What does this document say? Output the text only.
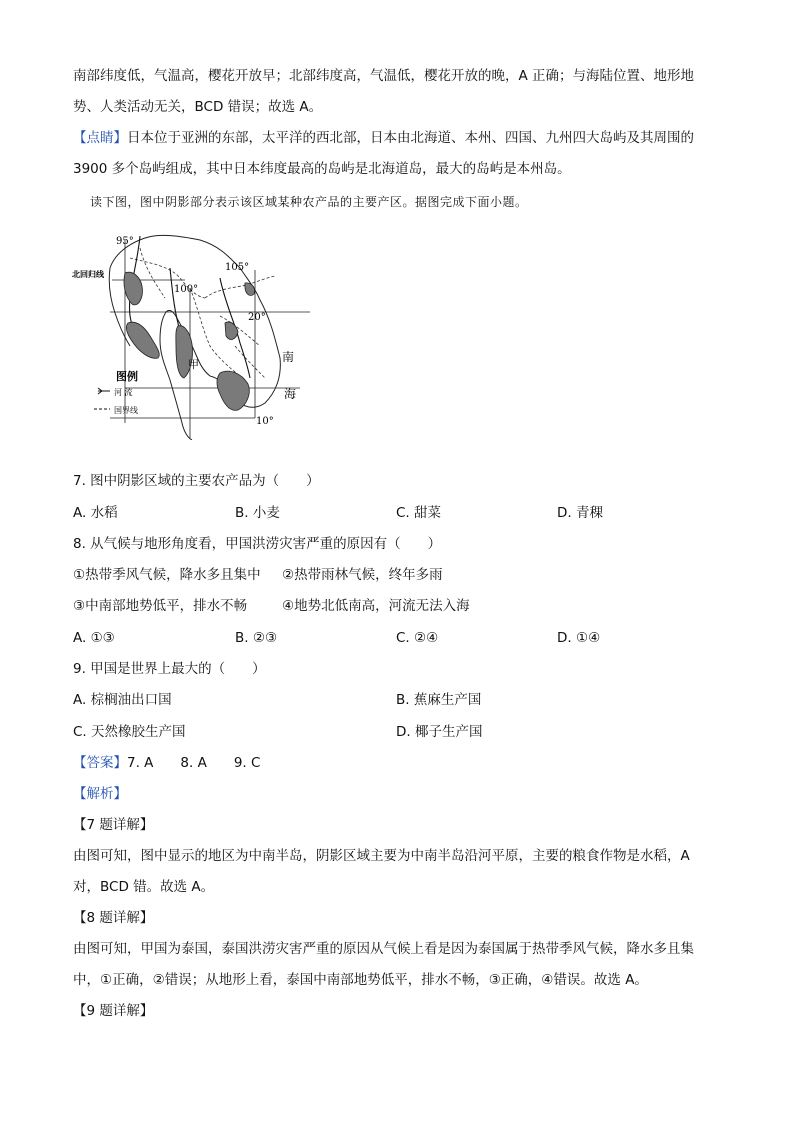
南部纬度低，气温高，樱花开放早；北部纬度高，气温低，樱花开放的晚，A 正确；与海陆位置、地形地
势、人类活动无关，BCD 错误；故选 A。
【点睛】日本位于亚洲的东部，太平洋的西北部，日本由北海道、本州、四国、九州四大岛屿及其周围的
3900 多个岛屿组成，其中日本纬度最高的岛屿是北海道岛，最大的岛屿是本州岛。
读下图，图中阴影部分表示该区域某种农产品的主要产区。据图完成下面小题。
95°
100°
105°
20°
10°
北回归线
甲
南
海
图例
河 流
国界线
7. 图中阴影区域的主要农产品为（　　）
A. 水稻	B. 小麦	C. 甜菜	D. 青稞
8. 从气候与地形角度看，甲国洪涝灾害严重的原因有（　　）
①热带季风气候，降水多且集中 ②热带雨林气候，终年多雨
③中南部地势低平，排水不畅	④地势北低南高，河流无法入海
A. ①③	B. ②③	C. ②④	D. ①④
9. 甲国是世界上最大的（　　）
A. 棕榈油出口国	B. 蕉麻生产国
C. 天然橡胶生产国	D. 椰子生产国
【答案】7. A　　8. A　　9. C
【解析】
【7 题详解】
由图可知，图中显示的地区为中南半岛，阴影区域主要为中南半岛沿河平原，主要的粮食作物是水稻，A
对，BCD 错。故选 A。
【8 题详解】
由图可知，甲国为泰国，泰国洪涝灾害严重的原因从气候上看是因为泰国属于热带季风气候，降水多且集
中，①正确，②错误；从地形上看，泰国中南部地势低平，排水不畅，③正确，④错误。故选 A。
【9 题详解】
